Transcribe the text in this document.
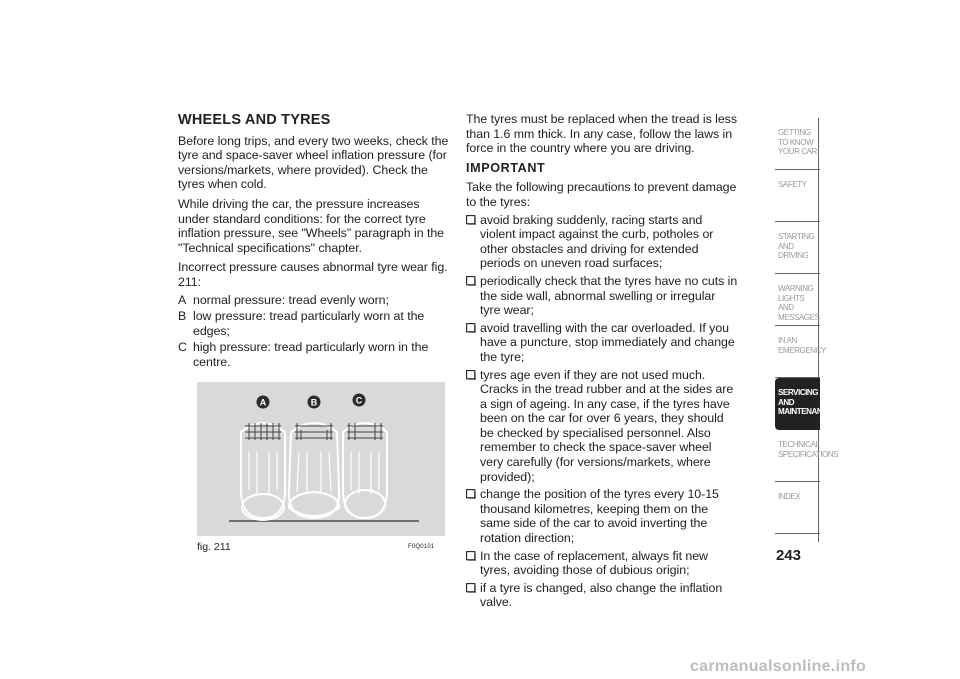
WHEELS AND TYRES

Before long trips, and every two weeks, check the tyre and space-saver wheel inflation pressure (for versions/markets, where provided). Check the tyres when cold.

While driving the car, the pressure increases under standard conditions: for the correct tyre inflation pressure, see "Wheels" paragraph in the "Technical specifications" chapter.

Incorrect pressure causes abnormal tyre wear fig. 211:

A normal pressure: tread evenly worn;
B low pressure: tread particularly worn at the edges;
C high pressure: tread particularly worn in the centre.
A	B	C
fig. 211	F0Q0101

The tyres must be replaced when the tread is less than 1.6 mm thick. In any case, follow the laws in force in the country where you are driving.

IMPORTANT

Take the following precautions to prevent damage to the tyres:

avoid braking suddenly, racing starts and violent impact against the curb, potholes or other obstacles and driving for extended periods on uneven road surfaces;
periodically check that the tyres have no cuts in the side wall, abnormal swelling or irregular tyre wear;
avoid travelling with the car overloaded. If you have a puncture, stop immediately and change the tyre;
tyres age even if they are not used much. Cracks in the tread rubber and at the sides are a sign of ageing. In any case, if the tyres have been on the car for over 6 years, they should be checked by specialised personnel. Also remember to check the space-saver wheel very carefully (for versions/markets, where provided);
change the position of the tyres every 10-15 thousand kilometres, keeping them on the same side of the car to avoid inverting the rotation direction;
In the case of replacement, always fit new tyres, avoiding those of dubious origin;
if a tyre is changed, also change the inflation valve.
GETTING TO KNOW YOUR CAR
SAFETY
STARTING AND DRIVING
WARNING LIGHTS AND MESSAGES
IN AN EMERGENCY
SERVICING AND MAINTENANCE
TECHNICAL SPECIFICATIONS
INDEX
243
carmanualsonline.info
